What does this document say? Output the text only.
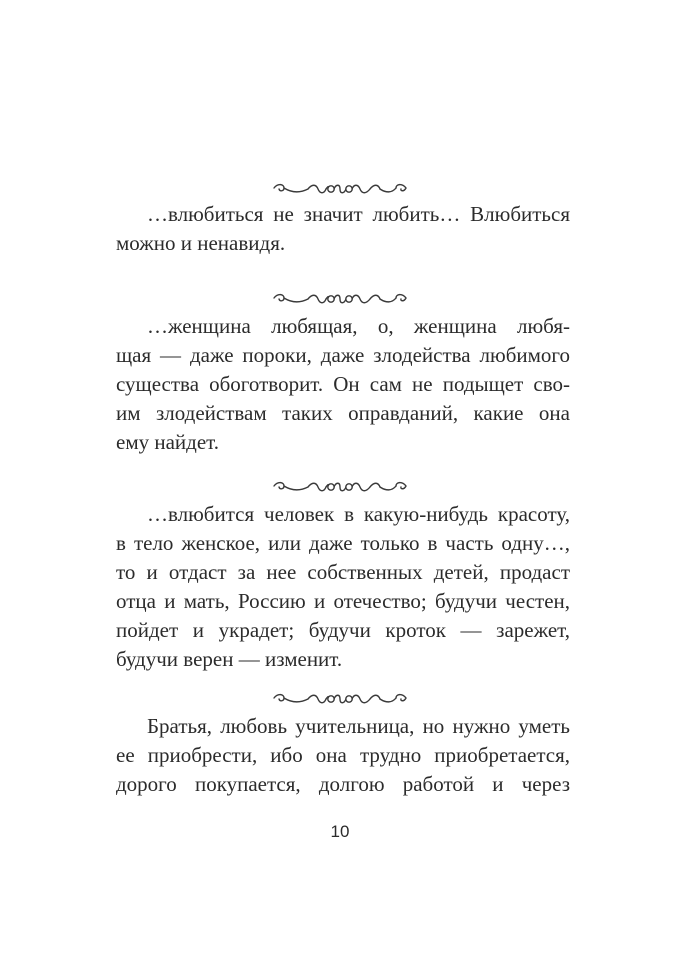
…влюбиться не значит любить… Влюбиться
можно и ненавидя.
…женщина любящая, о, женщина любя-
щая — даже пороки, даже злодейства любимого
существа обоготворит. Он сам не подыщет сво-
им злодействам таких оправданий, какие она
ему найдет.
…влюбится человек в какую-нибудь красоту,
в тело женское, или даже только в часть одну…,
то и отдаст за нее собственных детей, продаст
отца и мать, Россию и отечество; будучи честен,
пойдет и украдет; будучи кроток — зарежет,
будучи верен — изменит.
Братья, любовь учительница, но нужно уметь
ее приобрести, ибо она трудно приобретается,
дорого покупается, долгою работой и через
10
